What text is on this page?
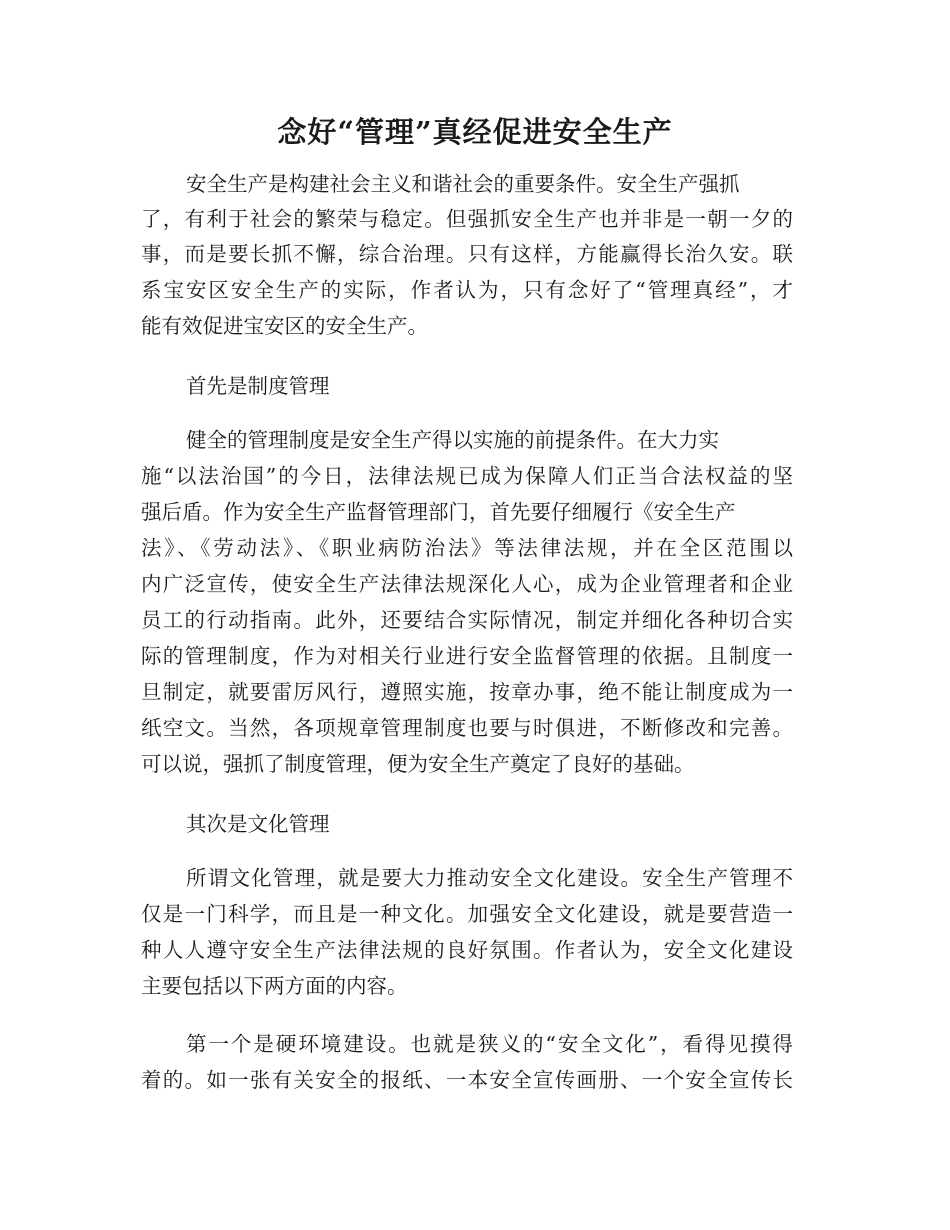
念好“管理”真经促进安全生产

安全生产是构建社会主义和谐社会的重要条件。安全生产强抓

了，有利于社会的繁荣与稳定。但强抓安全生产也并非是一朝一夕的

事，而是要长抓不懈，综合治理。只有这样，方能赢得长治久安。联

系宝安区安全生产的实际，作者认为，只有念好了“管理真经”，才

能有效促进宝安区的安全生产。

首先是制度管理

健全的管理制度是安全生产得以实施的前提条件。在大力实

施“以法治国”的今日，法律法规已成为保障人们正当合法权益的坚

强后盾。作为安全生产监督管理部门，首先要仔细履行《安全生产

法》、《劳动法》、《职业病防治法》等法律法规，并在全区范围以

内广泛宣传，使安全生产法律法规深化人心，成为企业管理者和企业

员工的行动指南。此外，还要结合实际情况，制定并细化各种切合实

际的管理制度，作为对相关行业进行安全监督管理的依据。且制度一

旦制定，就要雷厉风行，遵照实施，按章办事，绝不能让制度成为一

纸空文。当然，各项规章管理制度也要与时俱进，不断修改和完善。

可以说，强抓了制度管理，便为安全生产奠定了良好的基础。

其次是文化管理

所谓文化管理，就是要大力推动安全文化建设。安全生产管理不

仅是一门科学，而且是一种文化。加强安全文化建设，就是要营造一

种人人遵守安全生产法律法规的良好氛围。作者认为，安全文化建设

主要包括以下两方面的内容。

第一个是硬环境建设。也就是狭义的“安全文化”，看得见摸得

着的。如一张有关安全的报纸、一本安全宣传画册、一个安全宣传长
